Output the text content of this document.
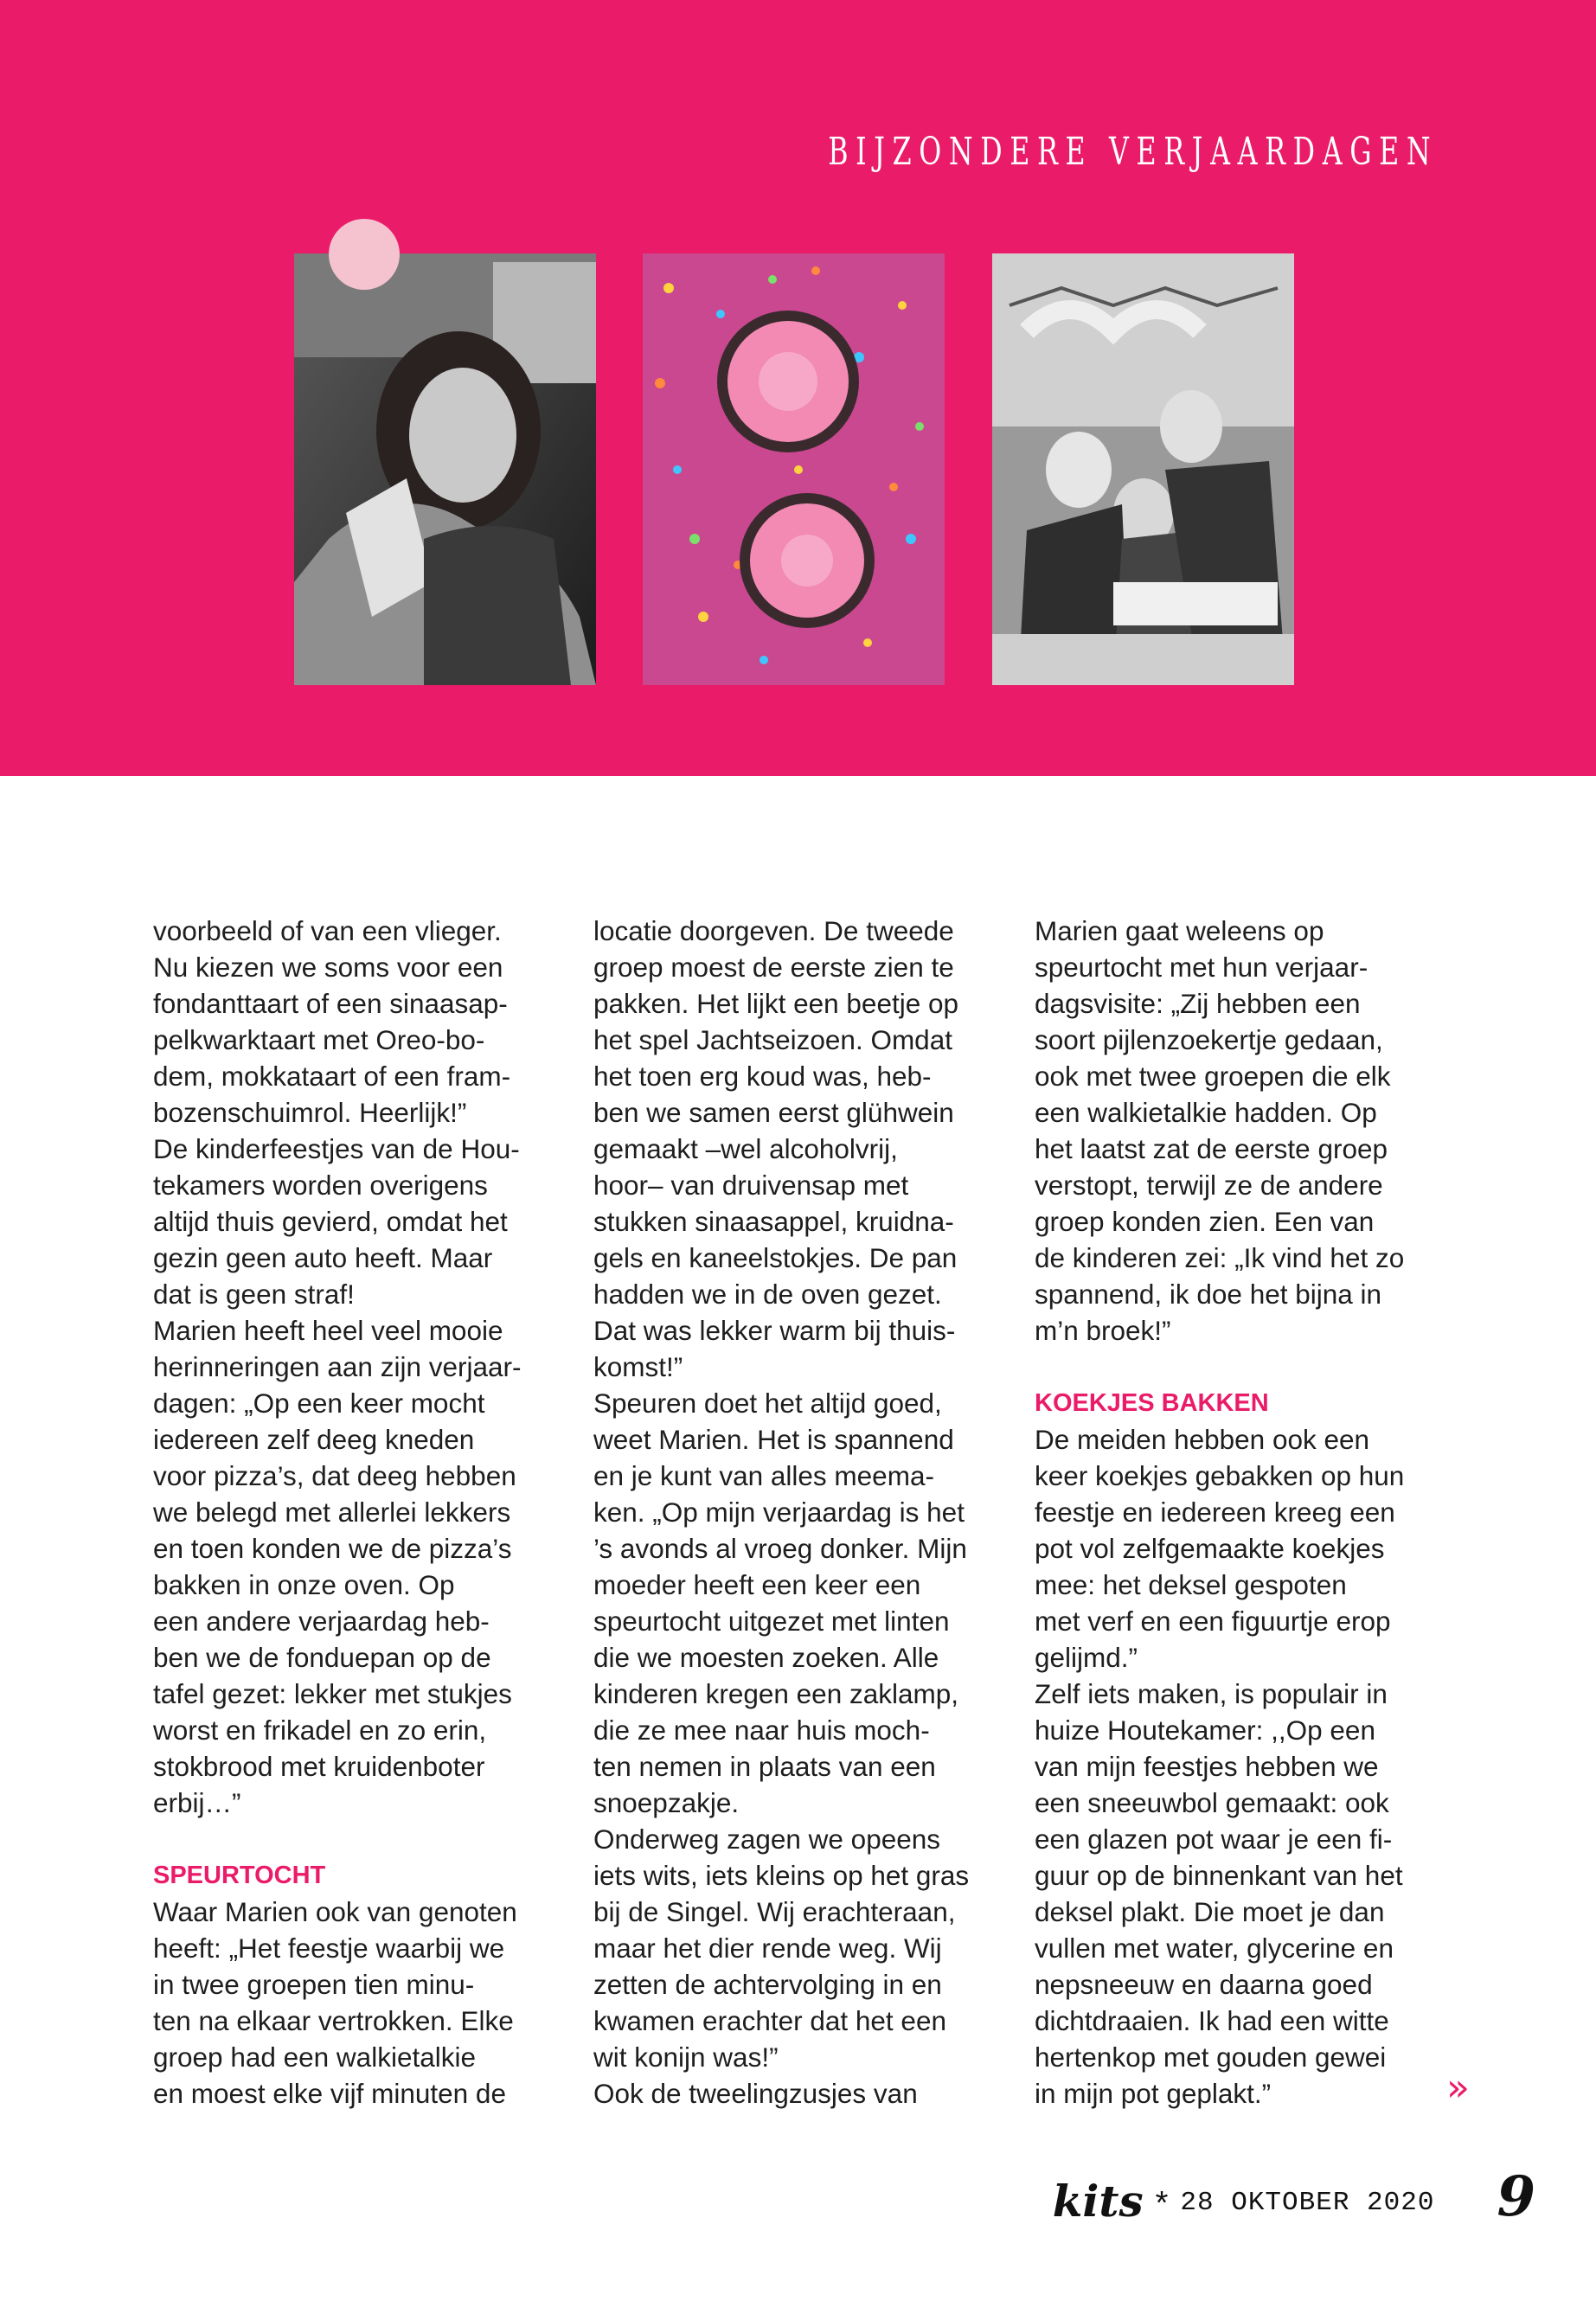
BIJZONDERE VERJAARDAGEN

voorbeeld of van een vlieger.
Nu kiezen we soms voor een
fondanttaart of een sinaasap-
pelkwarktaart met Oreo-bo-
dem, mokkataart of een fram-
bozenschuimrol. Heerlijk!”
De kinderfeestjes van de Hou-
tekamers worden overigens
altijd thuis gevierd, omdat het
gezin geen auto heeft. Maar
dat is geen straf!
Marien heeft heel veel mooie
herinneringen aan zijn verjaar-
dagen: „Op een keer mocht
iedereen zelf deeg kneden
voor pizza’s, dat deeg hebben
we belegd met allerlei lekkers
en toen konden we de pizza’s
bakken in onze oven. Op
een andere verjaardag heb-
ben we de fonduepan op de
tafel gezet: lekker met stukjes
worst en frikadel en zo erin,
stokbrood met kruidenboter
erbij…”

SPEURTOCHT

Waar Marien ook van genoten
heeft: „Het feestje waarbij we
in twee groepen tien minu-
ten na elkaar vertrokken. Elke
groep had een walkietalkie
en moest elke vijf minuten de

locatie doorgeven. De tweede
groep moest de eerste zien te
pakken. Het lijkt een beetje op
het spel Jachtseizoen. Omdat
het toen erg koud was, heb-
ben we samen eerst glühwein
gemaakt –wel alcoholvrij,
hoor– van druivensap met
stukken sinaasappel, kruidna-
gels en kaneelstokjes. De pan
hadden we in de oven gezet.
Dat was lekker warm bij thuis-
komst!”
Speuren doet het altijd goed,
weet Marien. Het is spannend
en je kunt van alles meema-
ken. „Op mijn verjaardag is het
’s avonds al vroeg donker. Mijn
moeder heeft een keer een
speurtocht uitgezet met linten
die we moesten zoeken. Alle
kinderen kregen een zaklamp,
die ze mee naar huis moch-
ten nemen in plaats van een
snoepzakje.
Onderweg zagen we opeens
iets wits, iets kleins op het gras
bij de Singel. Wij erachteraan,
maar het dier rende weg. Wij
zetten de achtervolging in en
kwamen erachter dat het een
wit konijn was!”
Ook de tweelingzusjes van

Marien gaat weleens op
speurtocht met hun verjaar-
dagsvisite: „Zij hebben een
soort pijlenzoekertje gedaan,
ook met twee groepen die elk
een walkietalkie hadden. Op
het laatst zat de eerste groep
verstopt, terwijl ze de andere
groep konden zien. Een van
de kinderen zei: „Ik vind het zo
spannend, ik doe het bijna in
m’n broek!”

KOEKJES BAKKEN

De meiden hebben ook een
keer koekjes gebakken op hun
feestje en iedereen kreeg een
pot vol zelfgemaakte koekjes
mee: het deksel gespoten
met verf en een figuurtje erop
gelijmd.”
Zelf iets maken, is populair in
huize Houtekamer: ,,Op een
van mijn feestjes hebben we
een sneeuwbol gemaakt: ook
een glazen pot waar je een fi-
guur op de binnenkant van het
deksel plakt. Die moet je dan
vullen met water, glycerine en
nepsneeuw en daarna goed
dichtdraaien. Ik had een witte
hertenkop met gouden gewei
in mijn pot geplakt.”	»
kits * 28 OKTOBER 2020 9
